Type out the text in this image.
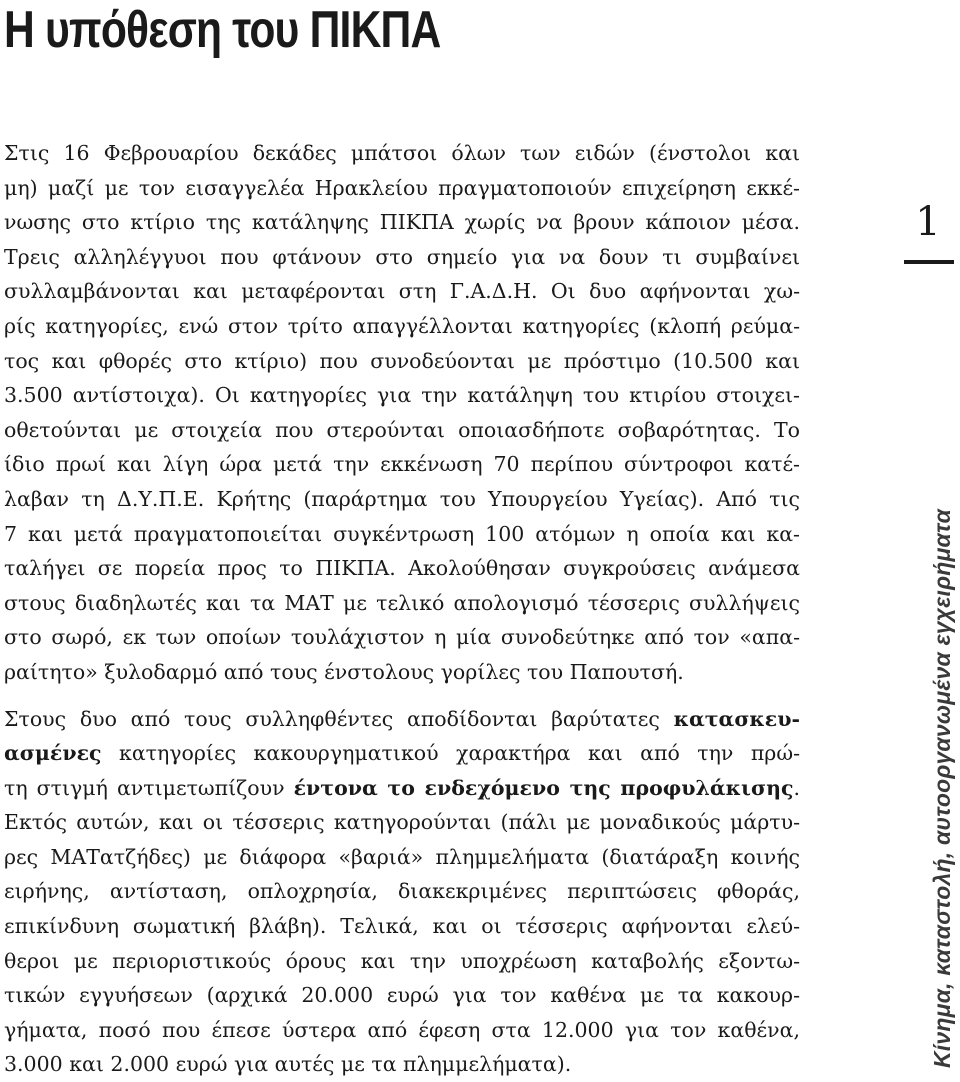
Η υπόθεση του ΠΙΚΠΑ
Στις 16 Φεβρουαρίου δεκάδες μπάτσοι όλων των ειδών (ένστολοι και
μη) μαζί με τον εισαγγελέα Ηρακλείου πραγματοποιούν επιχείρηση εκκέ-
νωσης στο κτίριο της κατάληψης ΠΙΚΠΑ χωρίς να βρουν κάποιον μέσα.
Τρεις αλληλέγγυοι που φτάνουν στο σημείο για να δουν τι συμβαίνει
συλλαμβάνονται και μεταφέρονται στη Γ.Α.Δ.Η. Οι δυο αφήνονται χω-
ρίς κατηγορίες, ενώ στον τρίτο απαγγέλλονται κατηγορίες (κλοπή ρεύμα-
τος και φθορές στο κτίριο) που συνοδεύονται με πρόστιμο (10.500 και
3.500 αντίστοιχα). Οι κατηγορίες για την κατάληψη του κτιρίου στοιχει-
οθετούνται με στοιχεία που στερούνται οποιασδήποτε σοβαρότητας. Το
ίδιο πρωί και λίγη ώρα μετά την εκκένωση 70 περίπου σύντροφοι κατέ-
λαβαν τη Δ.Υ.Π.Ε. Κρήτης (παράρτημα του Υπουργείου Υγείας). Από τις
7 και μετά πραγματοποιείται συγκέντρωση 100 ατόμων η οποία και κα-
ταλήγει σε πορεία προς το ΠΙΚΠΑ. Ακολούθησαν συγκρούσεις ανάμεσα
στους διαδηλωτές και τα ΜΑΤ με τελικό απολογισμό τέσσερις συλλήψεις
στο σωρό, εκ των οποίων τουλάχιστον η μία συνοδεύτηκε από τον «απα-
ραίτητο» ξυλοδαρμό από τους ένστολους γορίλες του Παπουτσή.
Στους δυο από τους συλληφθέντες αποδίδονται βαρύτατες κατασκευ-
ασμένες κατηγορίες κακουργηματικού χαρακτήρα και από την πρώ-
τη στιγμή αντιμετωπίζουν έντονα το ενδεχόμενο της προφυλάκισης.
Εκτός αυτών, και οι τέσσερις κατηγορούνται (πάλι με μοναδικούς μάρτυ-
ρες ΜΑΤατζήδες) με διάφορα «βαριά» πλημμελήματα (διατάραξη κοινής
ειρήνης, αντίσταση, οπλοχρησία, διακεκριμένες περιπτώσεις φθοράς,
επικίνδυνη σωματική βλάβη). Τελικά, και οι τέσσερις αφήνονται ελεύ-
θεροι με περιοριστικούς όρους και την υποχρέωση καταβολής εξοντω-
τικών εγγυήσεων (αρχικά 20.000 ευρώ για τον καθένα με τα κακουρ-
γήματα, ποσό που έπεσε ύστερα από έφεση στα 12.000 για τον καθένα,
3.000 και 2.000 ευρώ για αυτές με τα πλημμελήματα).
1
Κίνημα, καταστολή, αυτοοργανωμένα εγχειρήματα
